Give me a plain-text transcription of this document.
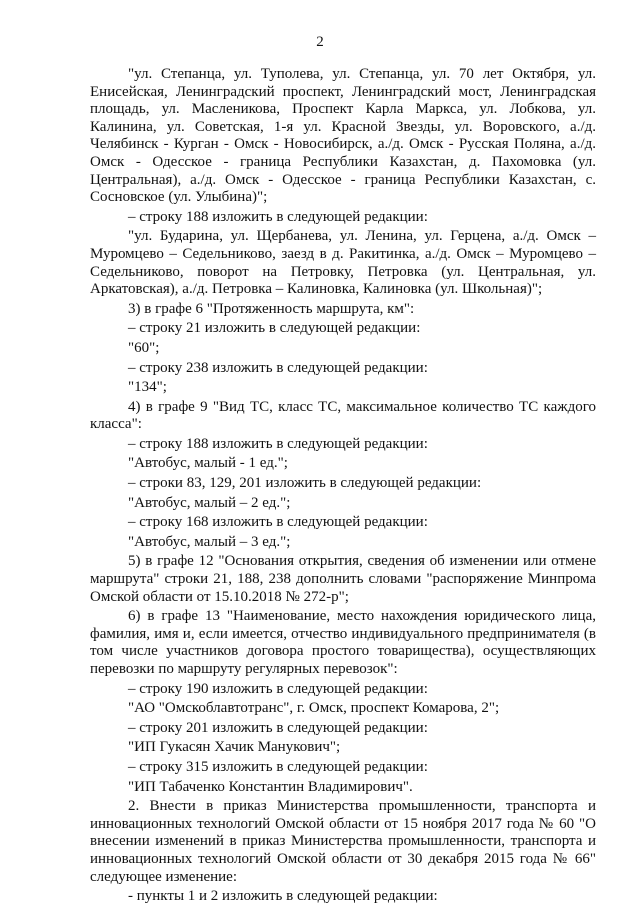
2

"ул. Степанца, ул. Туполева, ул. Степанца, ул. 70 лет Октября, ул. Енисейская, Ленинградский проспект, Ленинградский мост, Ленинградская площадь, ул. Масленикова, Проспект Карла Маркса, ул. Лобкова, ул. Калинина, ул. Советская, 1-я ул. Красной Звезды, ул. Воровского, а./д. Челябинск - Курган - Омск - Новосибирск, а./д. Омск - Русская Поляна, а./д. Омск - Одесское - граница Республики Казахстан, д. Пахомовка (ул. Центральная), а./д. Омск - Одесское - граница Республики Казахстан, с. Сосновское (ул. Улыбина)";

– строку 188 изложить в следующей редакции:

"ул. Бударина, ул. Щербанева, ул. Ленина, ул. Герцена, а./д. Омск – Муромцево – Седельниково, заезд в д. Ракитинка, а./д. Омск – Муромцево – Седельниково, поворот на Петровку, Петровка (ул. Центральная, ул. Аркатовская), а./д. Петровка – Калиновка, Калиновка (ул. Школьная)";

3) в графе 6 "Протяженность маршрута, км":

– строку 21 изложить в следующей редакции:

"60";

– строку 238 изложить в следующей редакции:

"134";

4) в графе 9 "Вид ТС, класс ТС, максимальное количество ТС каждого класса":

– строку 188 изложить в следующей редакции:

"Автобус, малый - 1 ед.";

– строки 83, 129, 201 изложить в следующей редакции:

"Автобус, малый – 2 ед.";

– строку 168 изложить в следующей редакции:

"Автобус, малый – 3 ед.";

5) в графе 12 "Основания открытия, сведения об изменении или отмене маршрута" строки 21, 188, 238 дополнить словами "распоряжение Минпрома Омской области от 15.10.2018 № 272-р";

6) в графе 13 "Наименование, место нахождения юридического лица, фамилия, имя и, если имеется, отчество индивидуального предпринимателя (в том числе участников договора простого товарищества), осуществляющих перевозки по маршруту регулярных перевозок":

– строку 190 изложить в следующей редакции:

"АО "Омскоблавтотранс", г. Омск, проспект Комарова, 2";

– строку 201 изложить в следующей редакции:

"ИП Гукасян Хачик Манукович";

– строку 315 изложить в следующей редакции:

"ИП Табаченко Константин Владимирович".

2. Внести в приказ Министерства промышленности, транспорта и инновационных технологий Омской области от 15 ноября 2017 года № 60 "О внесении изменений в приказ Министерства промышленности, транспорта и инновационных технологий Омской области от 30 декабря 2015 года № 66" следующее изменение:

- пункты 1 и 2 изложить в следующей редакции:
